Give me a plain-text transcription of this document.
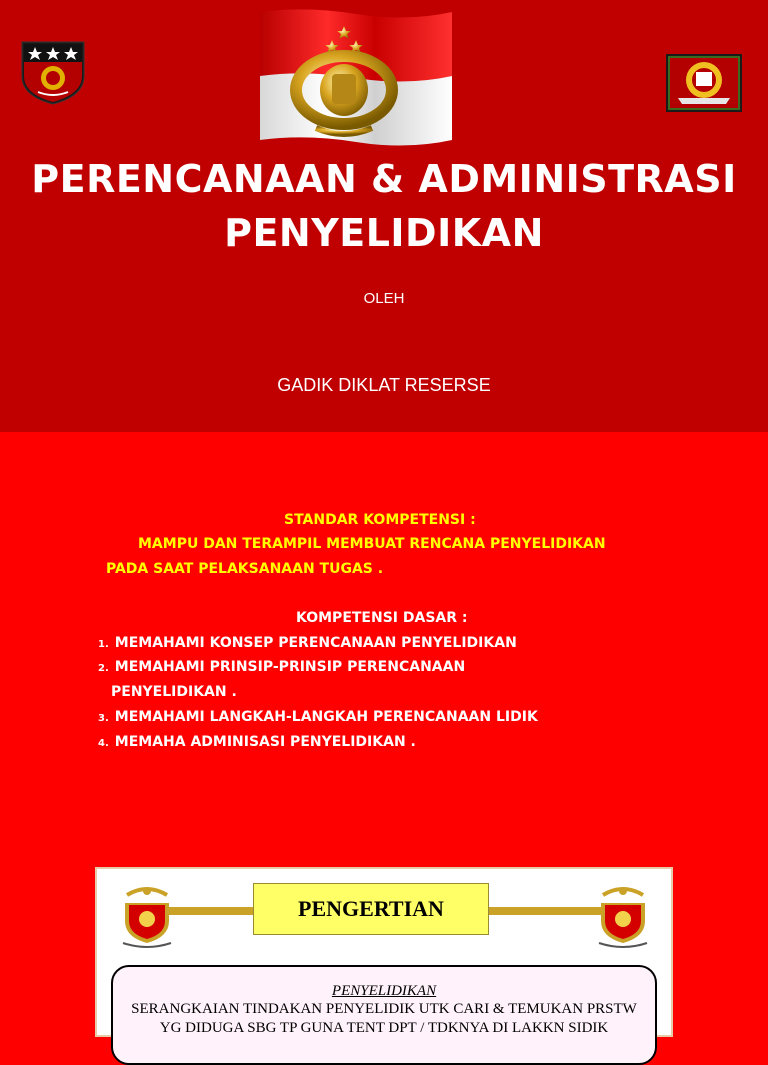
PERENCANAAN & ADMINISTRASI
PENYELIDIKAN
OLEH
GADIK DIKLAT RESERSE
STANDAR KOMPETENSI :
MAMPU DAN TERAMPIL MEMBUAT RENCANA PENYELIDIKAN
PADA SAAT PELAKSANAAN TUGAS .
KOMPETENSI DASAR :
1. MEMAHAMI KONSEP PERENCANAAN PENYELIDIKAN
2. MEMAHAMI PRINSIP-PRINSIP PERENCANAAN
PENYELIDIKAN .
3. MEMAHAMI LANGKAH-LANGKAH PERENCANAAN LIDIK
4. MEMAHA ADMINISASI PENYELIDIKAN .
PENGERTIAN
PENYELIDIKAN
SERANGKAIAN TINDAKAN PENYELIDIK UTK CARI & TEMUKAN PRSTW
YG DIDUGA SBG TP GUNA TENT DPT / TDKNYA DI LAKKN SIDIK
